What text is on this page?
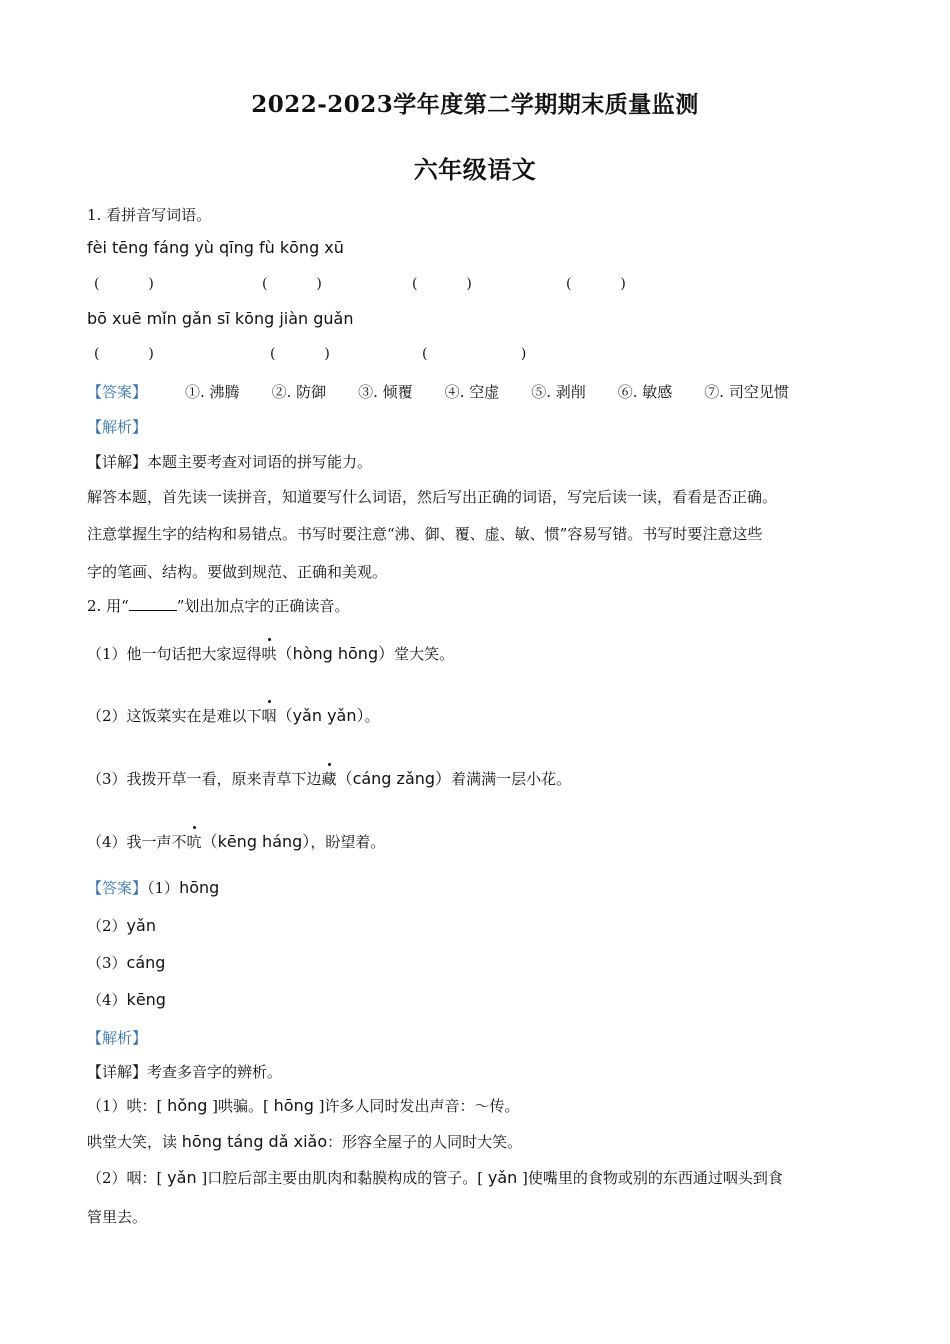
2022-2023学年度第二学期期末质量监测
六年级语文
1. 看拼音写词语。
fèi tēng fáng yù qīng fù kōng xū
(           )	(           )	(           )	(           )
bō xuē mǐn gǎn sī kōng jiàn guǎn
(           )	(           )	(                     )
【答案】	①. 沸腾 ②. 防御 ③. 倾覆 ④. 空虚 ⑤. 剥削 ⑥. 敏感 ⑦. 司空见惯
【解析】
【详解】本题主要考查对词语的拼写能力。
解答本题，首先读一读拼音，知道要写什么词语，然后写出正确的词语，写完后读一读，看看是否正确。
注意掌握生字的结构和易错点。书写时要注意“沸、御、覆、虚、敏、惯”容易写错。书写时要注意这些
字的笔画、结构。要做到规范、正确和美观。
2. 用“	”划出加点字的正确读音。
（1）他一句话把大家逗得哄（hòng hōng）堂大笑。
（2）这饭菜实在是难以下咽（yǎn yǎn）。
（3）我拨开草一看，原来青草下边藏（cáng zǎng）着满满一层小花。
（4）我一声不吭（kēng háng），盼望着。
【答案】（1）hōng
（2）yǎn
（3）cáng
（4）kēng
【解析】
【详解】考查多音字的辨析。
（1）哄：[ hǒng ]哄骗。[ hōng ]许多人同时发出声音：～传。
哄堂大笑，读 hōng táng dǎ xiǎo：形容全屋子的人同时大笑。
（2）咽：[ yǎn ]口腔后部主要由肌肉和黏膜构成的管子。[ yǎn ]使嘴里的食物或别的东西通过咽头到食
管里去。
